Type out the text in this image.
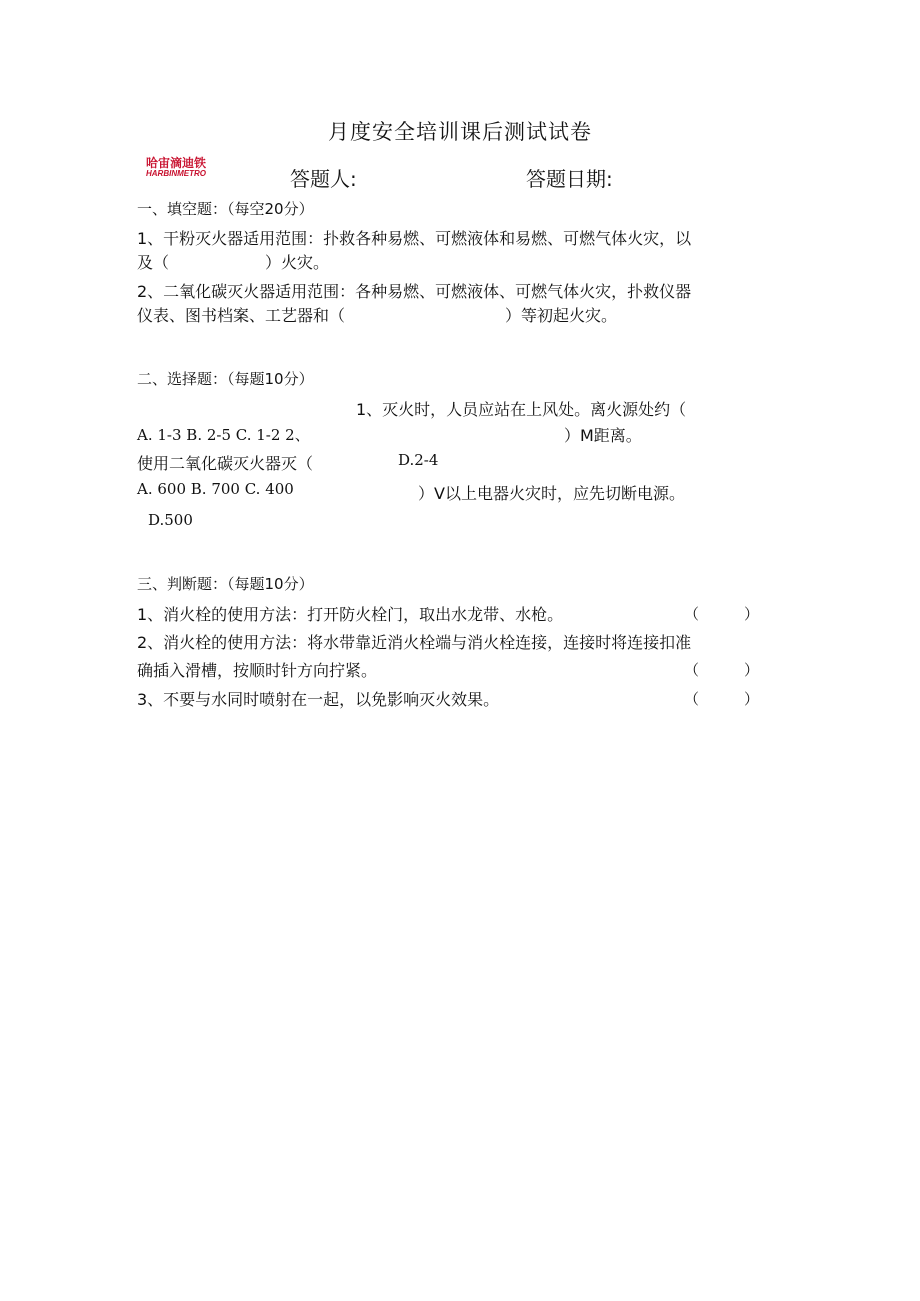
月度安全培训课后测试试卷
哈宙滴迪铁
HARBINMETRO	答题人:	答题日期:
一、填空题：（每空20分）
1、干粉灭火器适用范围：扑救各种易燃、可燃液体和易燃、可燃气体火灾，以
及（　　　　　　）火灾。
2、二氧化碳灭火器适用范围：各种易燃、可燃液体、可燃气体火灾，扑救仪器
仪表、图书档案、工艺器和（　　　　　　　　　　）等初起火灾。
二、选择题：（每题10分）
1、灭火时，人员应站在上风处。离火源处约（
A. 1-3 B. 2-5 C. 1-2 2、	）M距离。
使用二氧化碳灭火器灭（	D.2-4
A. 600 B. 700 C. 400	）V以上电器火灾时，应先切断电源。
D.500
三、判断题：（每题10分）
1、消火栓的使用方法：打开防火栓门，取出水龙带、水枪。	（　　　）
2、消火栓的使用方法：将水带靠近消火栓端与消火栓连接，连接时将连接扣准
确插入滑槽，按顺时针方向拧紧。	（　　　）
3、不要与水同时喷射在一起，以免影响灭火效果。	（　　　）
